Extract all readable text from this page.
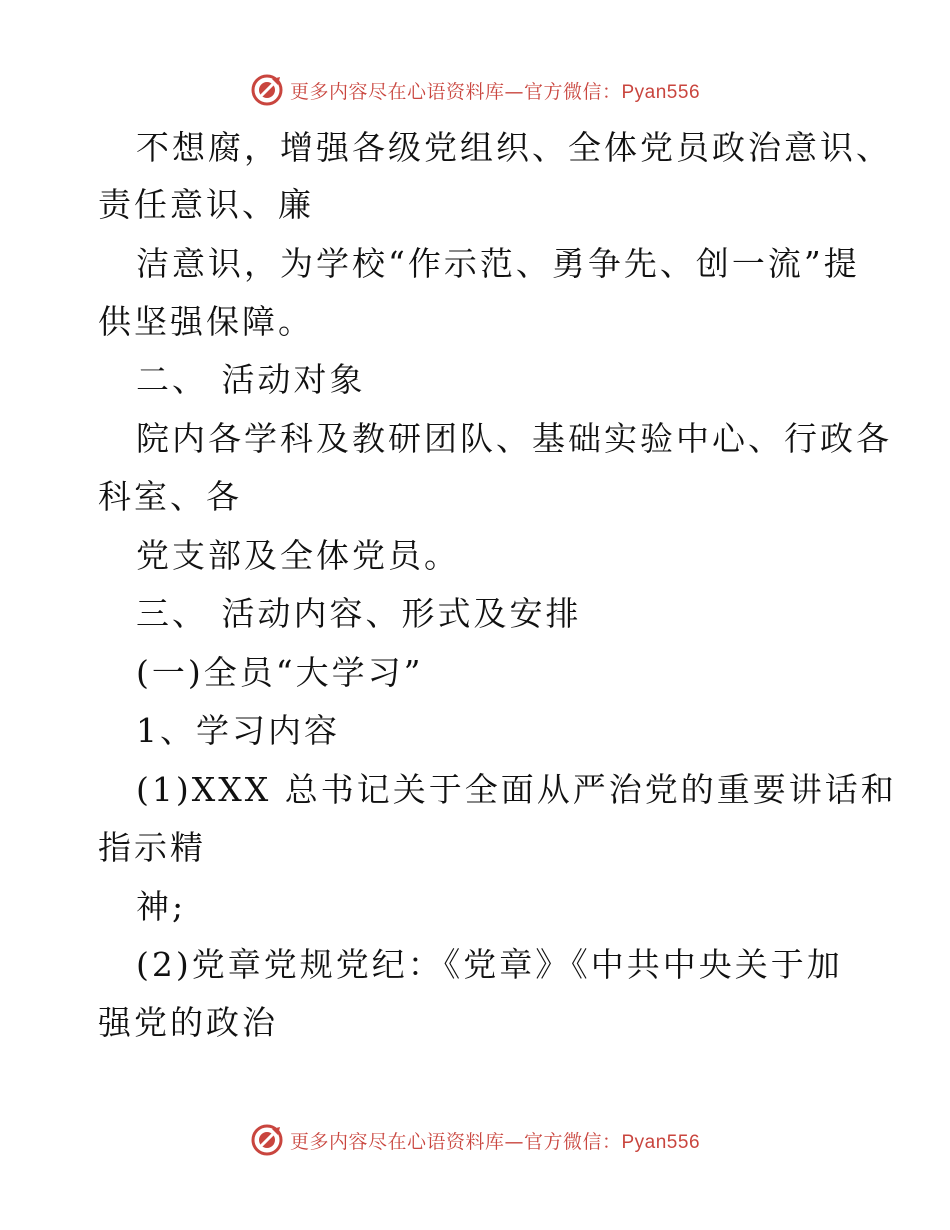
更多内容尽在心语资料库—官方微信：Pyan556
不想腐，增强各级党组织、全体党员政治意识、
责任意识、廉
洁意识，为学校“作示范、勇争先、创一流”提
供坚强保障。
二、 活动对象
院内各学科及教研团队、基础实验中心、行政各
科室、各
党支部及全体党员。
三、 活动内容、形式及安排
(一)全员“大学习”
1、学习内容
(1)XXX 总书记关于全面从严治党的重要讲话和
指示精
神;
(2)党章党规党纪：《党章》《中共中央关于加
强党的政治
更多内容尽在心语资料库—官方微信：Pyan556
